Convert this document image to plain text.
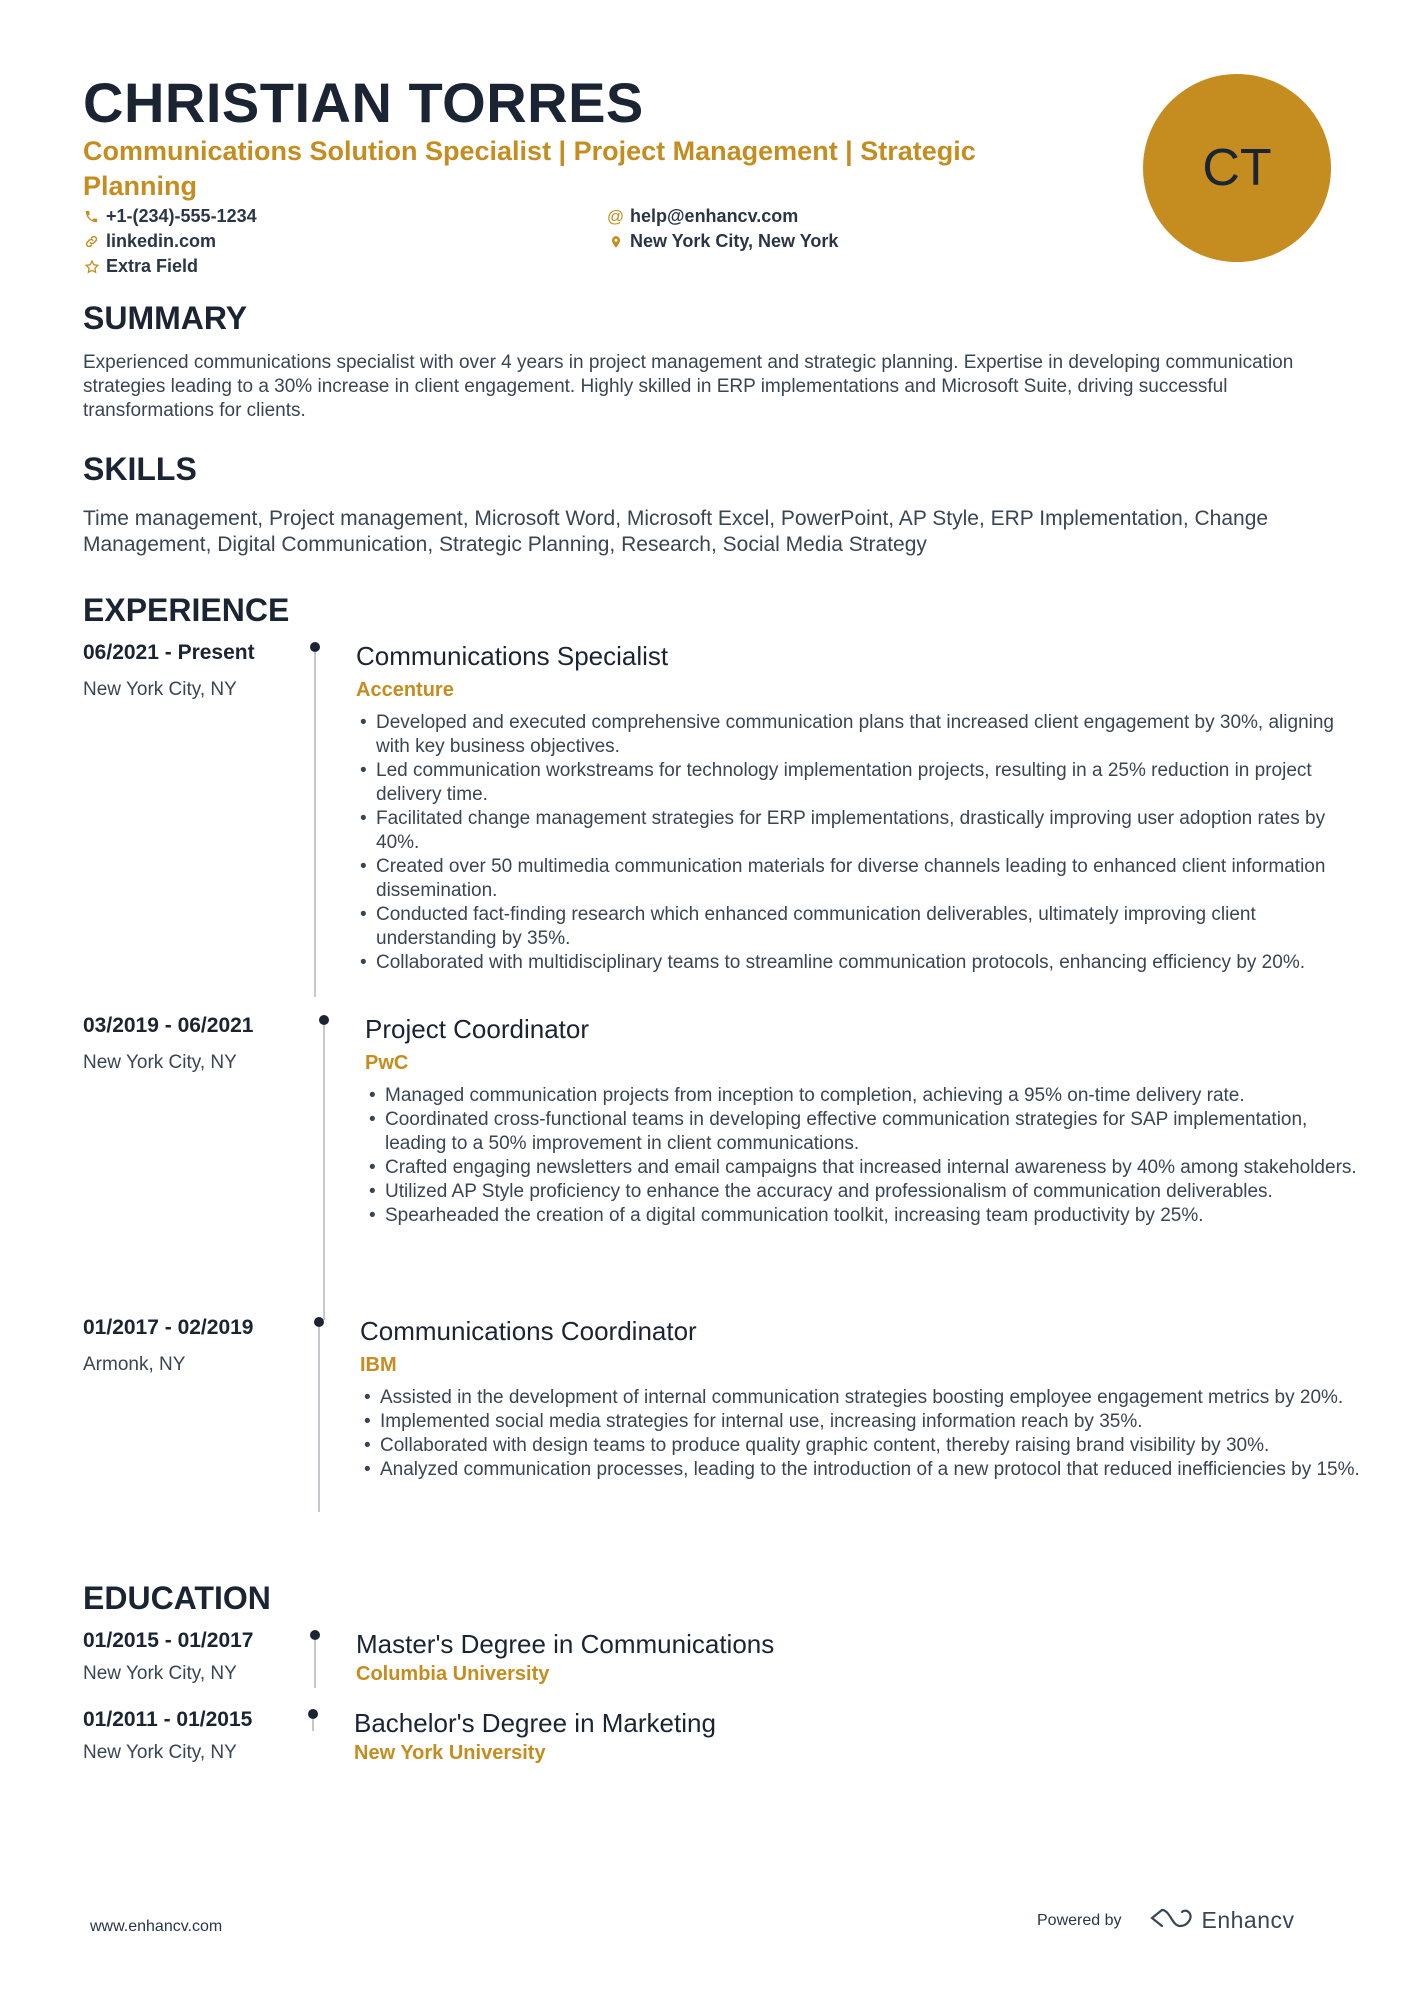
CHRISTIAN TORRES
Communications Solution Specialist | Project Management | Strategic Planning
+1-(234)-555-1234
linkedin.com
Extra Field
@ help@enhancv.com
New York City, New York
CT
SUMMARY
Experienced communications specialist with over 4 years in project management and strategic planning. Expertise in developing communication strategies leading to a 30% increase in client engagement. Highly skilled in ERP implementations and Microsoft Suite, driving successful transformations for clients.
SKILLS
Time management, Project management, Microsoft Word, Microsoft Excel, PowerPoint, AP Style, ERP Implementation, Change Management, Digital Communication, Strategic Planning, Research, Social Media Strategy
EXPERIENCE
06/2021 - Present
New York City, NY
Communications Specialist
Accenture
• Developed and executed comprehensive communication plans that increased client engagement by 30%, aligning with key business objectives.
• Led communication workstreams for technology implementation projects, resulting in a 25% reduction in project delivery time.
• Facilitated change management strategies for ERP implementations, drastically improving user adoption rates by 40%.
• Created over 50 multimedia communication materials for diverse channels leading to enhanced client information dissemination.
• Conducted fact-finding research which enhanced communication deliverables, ultimately improving client understanding by 35%.
• Collaborated with multidisciplinary teams to streamline communication protocols, enhancing efficiency by 20%.
03/2019 - 06/2021
New York City, NY
Project Coordinator
PwC
• Managed communication projects from inception to completion, achieving a 95% on-time delivery rate.
• Coordinated cross-functional teams in developing effective communication strategies for SAP implementation, leading to a 50% improvement in client communications.
• Crafted engaging newsletters and email campaigns that increased internal awareness by 40% among stakeholders.
• Utilized AP Style proficiency to enhance the accuracy and professionalism of communication deliverables.
• Spearheaded the creation of a digital communication toolkit, increasing team productivity by 25%.
01/2017 - 02/2019
Armonk, NY
Communications Coordinator
IBM
• Assisted in the development of internal communication strategies boosting employee engagement metrics by 20%.
• Implemented social media strategies for internal use, increasing information reach by 35%.
• Collaborated with design teams to produce quality graphic content, thereby raising brand visibility by 30%.
• Analyzed communication processes, leading to the introduction of a new protocol that reduced inefficiencies by 15%.
EDUCATION
01/2015 - 01/2017
New York City, NY
Master's Degree in Communications
Columbia University
01/2011 - 01/2015
New York City, NY
Bachelor's Degree in Marketing
New York University
www.enhancv.com	Powered by	Enhancv
